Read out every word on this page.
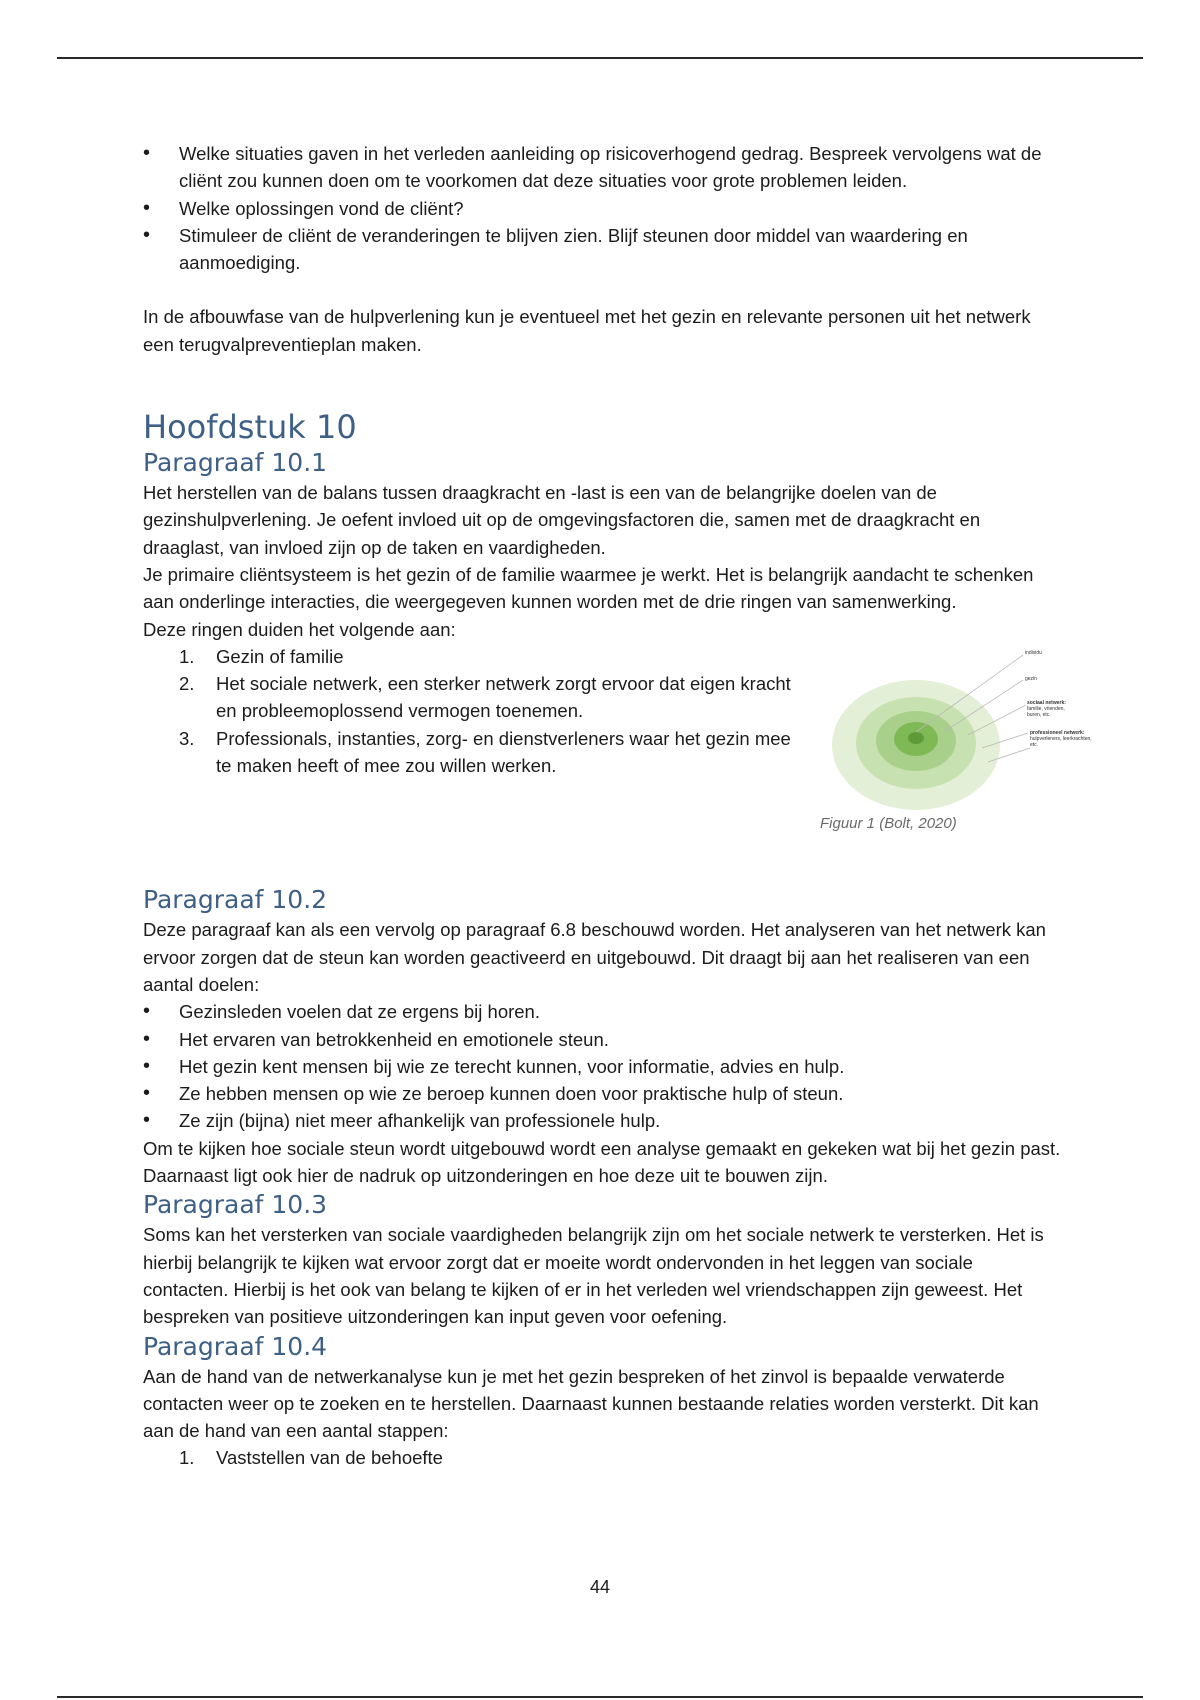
• Welke situaties gaven in het verleden aanleiding op risicoverhogend gedrag. Bespreek vervolgens wat de cliënt zou kunnen doen om te voorkomen dat deze situaties voor grote problemen leiden.
• Welke oplossingen vond de cliënt?
• Stimuleer de cliënt de veranderingen te blijven zien. Blijf steunen door middel van waardering en aanmoediging.

In de afbouwfase van de hulpverlening kun je eventueel met het gezin en relevante personen uit het netwerk een terugvalpreventieplan maken.

Hoofdstuk 10
Paragraaf 10.1

Het herstellen van de balans tussen draagkracht en -last is een van de belangrijke doelen van de gezinshulpverlening. Je oefent invloed uit op de omgevingsfactoren die, samen met de draagkracht en draaglast, van invloed zijn op de taken en vaardigheden.

Je primaire cliëntsysteem is het gezin of de familie waarmee je werkt. Het is belangrijk aandacht te schenken aan onderlinge interacties, die weergegeven kunnen worden met de drie ringen van samenwerking.

Deze ringen duiden het volgende aan:

1. Gezin of familie
2. Het sociale netwerk, een sterker netwerk zorgt ervoor dat eigen kracht en probleemoplossend vermogen toenemen.
3. Professionals, instanties, zorg- en dienstverleners waar het gezin mee te maken heeft of mee zou willen werken.
Paragraaf 10.2

Deze paragraaf kan als een vervolg op paragraaf 6.8 beschouwd worden. Het analyseren van het netwerk kan ervoor zorgen dat de steun kan worden geactiveerd en uitgebouwd. Dit draagt bij aan het realiseren van een aantal doelen:

• Gezinsleden voelen dat ze ergens bij horen.
• Het ervaren van betrokkenheid en emotionele steun.
• Het gezin kent mensen bij wie ze terecht kunnen, voor informatie, advies en hulp.
• Ze hebben mensen op wie ze beroep kunnen doen voor praktische hulp of steun.
• Ze zijn (bijna) niet meer afhankelijk van professionele hulp.

Om te kijken hoe sociale steun wordt uitgebouwd wordt een analyse gemaakt en gekeken wat bij het gezin past. Daarnaast ligt ook hier de nadruk op uitzonderingen en hoe deze uit te bouwen zijn.

Paragraaf 10.3

Soms kan het versterken van sociale vaardigheden belangrijk zijn om het sociale netwerk te versterken. Het is hierbij belangrijk te kijken wat ervoor zorgt dat er moeite wordt ondervonden in het leggen van sociale contacten. Hierbij is het ook van belang te kijken of er in het verleden wel vriendschappen zijn geweest. Het bespreken van positieve uitzonderingen kan input geven voor oefening.

Paragraaf 10.4

Aan de hand van de netwerkanalyse kun je met het gezin bespreken of het zinvol is bepaalde verwaterde contacten weer op te zoeken en te herstellen. Daarnaast kunnen bestaande relaties worden versterkt. Dit kan aan de hand van een aantal stappen:

1. Vaststellen van de behoefte
individu
gezin
sociaal netwerk:
familie, vrienden,
buren, etc.
professioneel netwerk:
hulpverleners, leerkrachten,
etc.
Figuur 1 (Bolt, 2020)
44
